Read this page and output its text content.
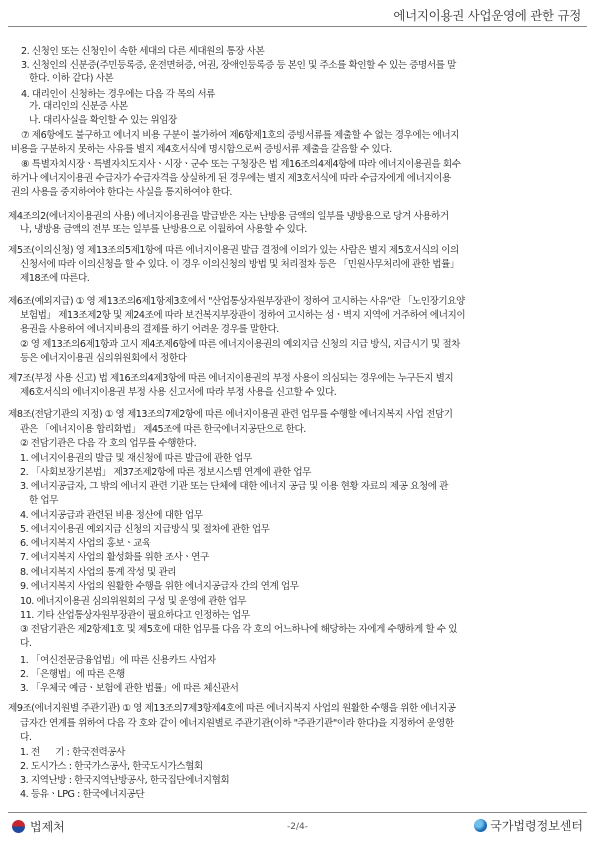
에너지이용권 사업운영에 관한 규정
2. 신청인 또는 신청인이 속한 세대의 다른 세대원의 통장 사본
3. 신청인의 신분증(주민등록증, 운전면허증, 여권, 장애인등록증 등 본인 및 주소를 확인할 수 있는 증명서를 말
한다. 이하 같다) 사본
4. 대리인이 신청하는 경우에는 다음 각 목의 서류
가. 대리인의 신분증 사본
나. 대리사실을 확인할 수 있는 위임장
⑦ 제6항에도 불구하고 에너지 비용 구분이 불가하여 제6항제1호의 증빙서류를 제출할 수 없는 경우에는 에너지
비용을 구분하지 못하는 사유를 별지 제4호서식에 명시함으로써 증빙서류 제출을 갈음할 수 있다.
⑧ 특별자치시장ㆍ특별자치도지사ㆍ시장ㆍ군수 또는 구청장은 법 제16조의4제4항에 따라 에너지이용권을 회수
하거나 에너지이용권 수급자가 수급자격을 상실하게 된 경우에는 별지 제3호서식에 따라 수급자에게 에너지이용
권의 사용을 중지하여야 한다는 사실을 통지하여야 한다.
제4조의2(에너지이용권의 사용) 에너지이용권을 발급받은 자는 난방용 금액의 일부를 냉방용으로 당겨 사용하거
나, 냉방용 금액의 전부 또는 일부를 난방용으로 이월하여 사용할 수 있다.
제5조(이의신청) 영 제13조의5제1항에 따른 에너지이용권 발급 결정에 이의가 있는 사람은 별지 제5호서식의 이의
신청서에 따라 이의신청을 할 수 있다. 이 경우 이의신청의 방법 및 처리절차 등은 「민원사무처리에 관한 법률」
제18조에 따른다.
제6조(예외지급) ① 영 제13조의6제1항제3호에서 "산업통상자원부장관이 정하여 고시하는 사유"란 「노인장기요양
보험법」 제13조제2항 및 제24조에 따라 보건복지부장관이 정하여 고시하는 섬ㆍ벽지 지역에 거주하여 에너지이
용권을 사용하여 에너지비용의 결제를 하기 어려운 경우를 말한다.
② 영 제13조의6제1항과 고시 제4조제6항에 따른 에너지이용권의 예외지급 신청의 지급 방식, 지급시기 및 절차
등은 에너지이용권 심의위원회에서 정한다
제7조(부정 사용 신고) 법 제16조의4제3항에 따른 에너지이용권의 부정 사용이 의심되는 경우에는 누구든지 별지
제6호서식의 에너지이용권 부정 사용 신고서에 따라 부정 사용을 신고할 수 있다.
제8조(전담기관의 지정) ① 영 제13조의7제2항에 따른 에너지이용권 관련 업무를 수행할 에너지복지 사업 전담기
관은 「에너지이용 합리화법」 제45조에 따른 한국에너지공단으로 한다.
② 전담기관은 다음 각 호의 업무를 수행한다.
1. 에너지이용권의 발급 및 재신청에 따른 발급에 관한 업무
2. 「사회보장기본법」 제37조제2항에 따른 정보시스템 연계에 관한 업무
3. 에너지공급자, 그 밖의 에너지 관련 기관 또는 단체에 대한 에너지 공급 및 이용 현황 자료의 제공 요청에 관
한 업무
4. 에너지공급과 관련된 비용 정산에 대한 업무
5. 에너지이용권 예외지급 신청의 지급방식 및 절차에 관한 업무
6. 에너지복지 사업의 홍보ㆍ교육
7. 에너지복지 사업의 활성화를 위한 조사ㆍ연구
8. 에너지복지 사업의 통계 작성 및 관리
9. 에너지복지 사업의 원활한 수행을 위한 에너지공급자 간의 연계 업무
10. 에너지이용권 심의위원회의 구성 및 운영에 관한 업무
11. 기타 산업통상자원부장관이 필요하다고 인정하는 업무
③ 전담기관은 제2항제1호 및 제5호에 대한 업무를 다음 각 호의 어느하나에 해당하는 자에게 수행하게 할 수 있
다.
1. 「여신전문금융업법」에 따른 신용카드 사업자
2. 「은행법」에 따른 은행
3. 「우체국 예금ㆍ보험에 관한 법률」에 따른 체신관서
제9조(에너지원별 주관기관) ① 영 제13조의7제3항제4호에 따른 에너지복지 사업의 원활한 수행을 위한 에너지공
급자간 연계를 위하여 다음 각 호와 같이 에너지원별로 주관기관(이하 "주관기관"이라 한다)을 지정하여 운영한
다.
1. 전      기 : 한국전력공사
2. 도시가스 : 한국가스공사, 한국도시가스협회
3. 지역난방 : 한국지역난방공사, 한국집단에너지협회
4. 등유ㆍLPG : 한국에너지공단
법제처	-2/4-	국가법령정보센터
